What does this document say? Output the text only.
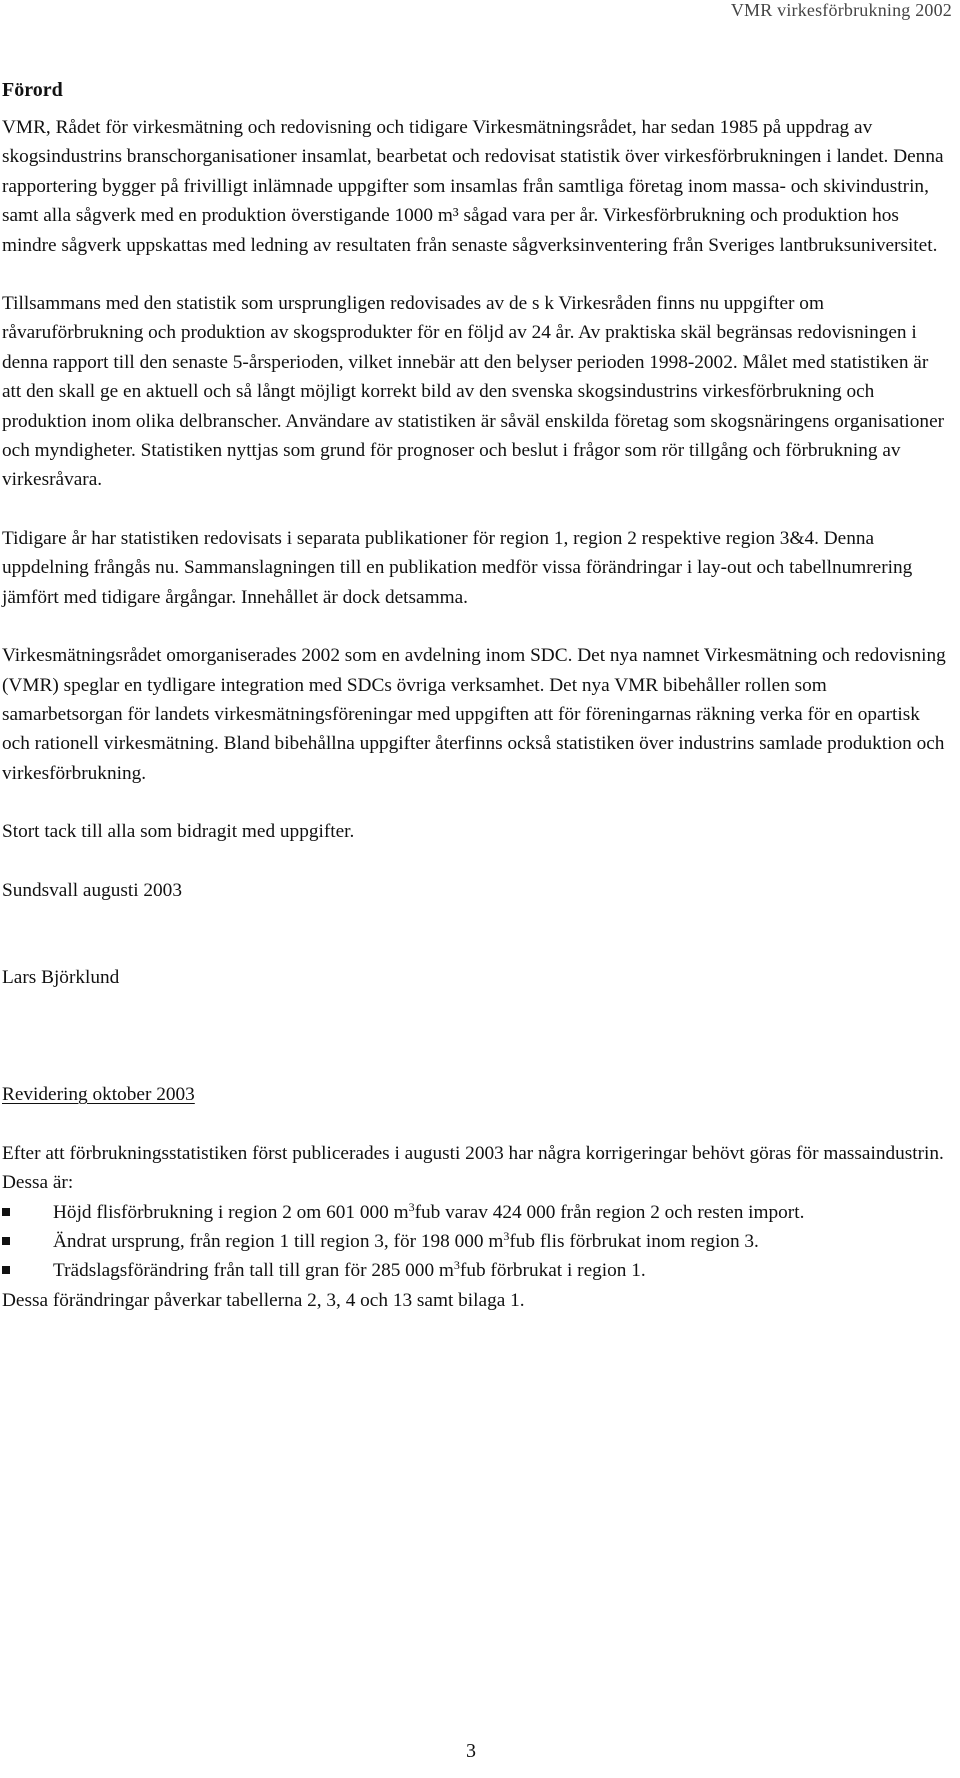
VMR virkesförbrukning 2002
Förord

VMR, Rådet för virkesmätning och redovisning och tidigare Virkesmätningsrådet, har sedan 1985 på uppdrag av skogsindustrins branschorganisationer insamlat, bearbetat och redovisat statistik över virkesförbrukningen i landet. Denna rapportering bygger på frivilligt inlämnade uppgifter som insamlas från samtliga företag inom massa- och skivindustrin, samt alla sågverk med en produktion överstigande 1000 m³ sågad vara per år. Virkesförbrukning och produktion hos mindre sågverk uppskattas med ledning av resultaten från senaste sågverksinventering från Sveriges lantbruksuniversitet.

Tillsammans med den statistik som ursprungligen redovisades av de s k Virkesråden finns nu uppgifter om råvaruförbrukning och produktion av skogsprodukter för en följd av 24 år. Av praktiska skäl begränsas redovisningen i denna rapport till den senaste 5-årsperioden, vilket innebär att den belyser perioden 1998-2002. Målet med statistiken är att den skall ge en aktuell och så långt möjligt korrekt bild av den svenska skogsindustrins virkesförbrukning och produktion inom olika delbranscher. Användare av statistiken är såväl enskilda företag som skogsnäringens organisationer och myndigheter. Statistiken nyttjas som grund för prognoser och beslut i frågor som rör tillgång och förbrukning av virkesråvara.

Tidigare år har statistiken redovisats i separata publikationer för region 1, region 2 respektive region 3&4. Denna uppdelning frångås nu. Sammanslagningen till en publikation medför vissa förändringar i lay-out och tabellnumrering jämfört med tidigare årgångar. Innehållet är dock detsamma.

Virkesmätningsrådet omorganiserades 2002 som en avdelning inom SDC. Det nya namnet Virkesmätning och redovisning (VMR) speglar en tydligare integration med SDCs övriga verksamhet. Det nya VMR bibehåller rollen som samarbetsorgan för landets virkesmätningsföreningar med uppgiften att för föreningarnas räkning verka för en opartisk och rationell virkesmätning. Bland bibehållna uppgifter återfinns också statistiken över industrins samlade produktion och virkesförbrukning.

Stort tack till alla som bidragit med uppgifter.

Sundsvall augusti 2003

Lars Björklund

Revidering oktober 2003

Efter att förbrukningsstatistiken först publicerades i augusti 2003 har några korrigeringar behövt göras för massaindustrin. Dessa är:

Höjd flisförbrukning i region 2 om 601 000 $m^3fub$ varav 424 000 från region 2 och resten import.
Ändrat ursprung, från region 1 till region 3, för 198 000 $m^3fub$ flis förbrukat inom region 3.
Trädslagsförändring från tall till gran för 285 000 $m^3fub$ förbrukat i region 1.

Dessa förändringar påverkar tabellerna 2, 3, 4 och 13 samt bilaga 1.

3
